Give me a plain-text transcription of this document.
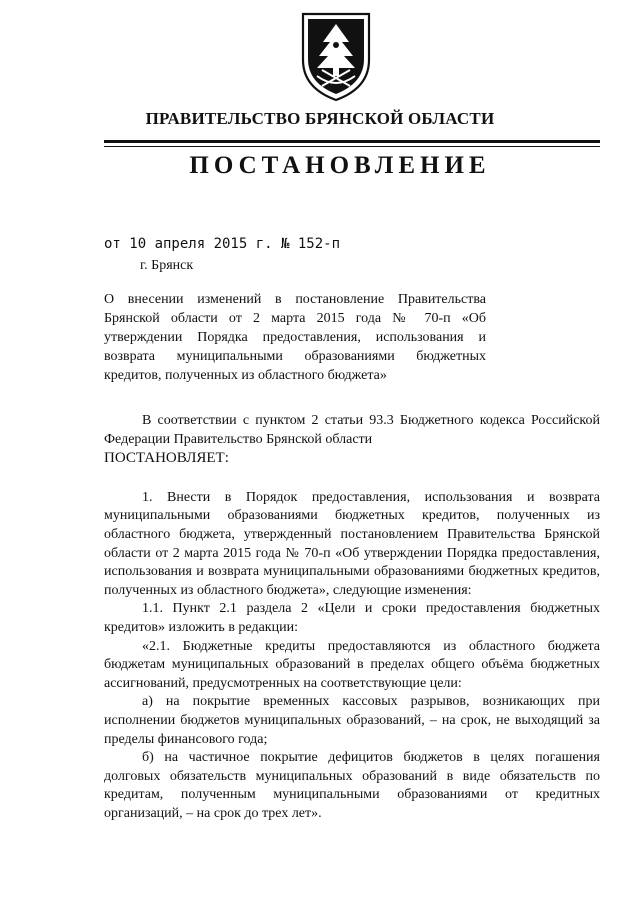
ПРАВИТЕЛЬСТВО БРЯНСКОЙ ОБЛАСТИ
ПОСТАНОВЛЕНИЕ
от 10 апреля 2015 г. № 152-п
г. Брянск
О внесении изменений в постановление Правительства Брянской области от 2 марта 2015 года № 70-п «Об утверждении Порядка предоставления, использования и возврата муниципальными образованиями бюджетных кредитов, полученных из областного бюджета»

В соответствии с пунктом 2 статьи 93.3 Бюджетного кодекса Российской Федерации Правительство Брянской области

ПОСТАНОВЛЯЕТ:

1. Внести в Порядок предоставления, использования и возврата муниципальными образованиями бюджетных кредитов, полученных из областного бюджета, утвержденный постановлением Правительства Брянской области от 2 марта 2015 года № 70-п «Об утверждении Порядка предоставления, использования и возврата муниципальными образованиями бюджетных кредитов, полученных из областного бюджета», следующие изменения:

1.1. Пункт 2.1 раздела 2 «Цели и сроки предоставления бюджетных кредитов» изложить в редакции:

«2.1. Бюджетные кредиты предоставляются из областного бюджета бюджетам муниципальных образований в пределах общего объёма бюджетных ассигнований, предусмотренных на соответствующие цели:

а) на покрытие временных кассовых разрывов, возникающих при исполнении бюджетов муниципальных образований, – на срок, не выходящий за пределы финансового года;

б) на частичное покрытие дефицитов бюджетов в целях погашения долговых обязательств муниципальных образований в виде обязательств по кредитам, полученным муниципальными образованиями от кредитных организаций, – на срок до трех лет».
